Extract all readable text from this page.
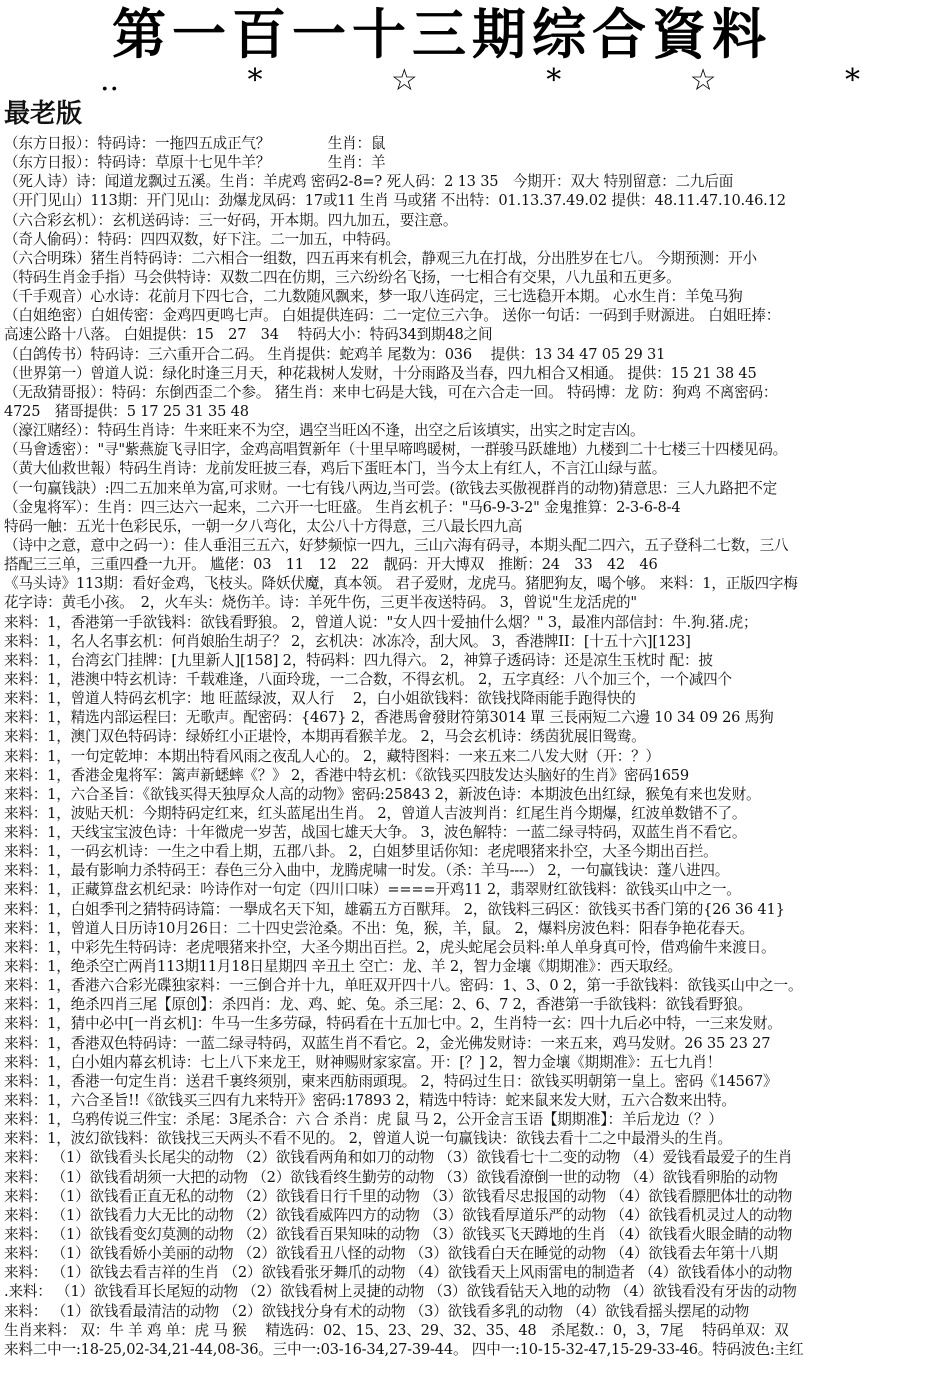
第一百一十三期综合資料
..	*	☆	*	☆	*
最老版
（东方日报）：特码诗：一拖四五成正气？　　　　生肖：鼠
（东方日报）：特码诗：草原十七见牛羊？　　　　生肖：羊
（死人诗）诗：闻道龙飘过五溪。生肖：羊虎鸡 密码2-8=? 死人码：2 13 35　今期开：双大 特别留意：二九后面
（开门见山）113期：开门见山：劲爆龙凤码：17或11 生肖 马或猪 不出特：01.13.37.49.02 提供：48.11.47.10.46.12
（六合彩玄机）：玄机送码诗：三一好码，开本期。四九加五，要注意。
（奇人偷码）：特码：四四双数，好下注。二一加五，中特码。
（六合明珠）猪生肖特码诗：二六相合一组数，四五再来有机会，静观三九在打战，分出胜岁在七八。 今期预测：开小
（特码生肖金手指）马会供特诗：双数二四在仿期，三六纷纷名飞扬，一七相合有交果，八九虽和五更多。
（千手观音）心水诗：花前月下四七合，二九数随风飘来，梦一取八连码定，三七选稳开本期。 心水生肖：羊兔马狗
（白姐绝密）白姐传密：金鸡四更鸣七声。 白姐提供连码：二一定位三六争。 送你一句话：一码到手财源进。 白姐旺捧：
高速公路十八落。 白姐提供：15　27　34　 特码大小：特码34到期48之间
（白鸽传书）特码诗：三六重开合二码。 生肖提供：蛇鸡羊 尾数为：036　 提供：13 34 47 05 29 31
（世界第一）曾道人说：绿化时逢三月天，种花栽树人发财，十分雨路及当春，四九相合又相通。 提供：15 21 38 45
（无敌猜哥报）：特码：东倒西歪二个参。 猪生肖：来申七码是大钱，可在六合走一回。 特码博：龙 防：狗鸡 不离密码：
4725　猪哥提供：5 17 25 31 35 48
（濠江赌经）：特码生肖诗：牛来旺来不为空，遇空当旺凶不逢，出空之后该填实，出实之时定吉凶。
（马會透密）："寻"紫燕旋飞寻旧字，金鸡高唱賀新年（十里早啼鸣暖树，一群骏马跃雄地）九楼到二十七楼三十四楼见码。
（黄大仙救世報）特码生肖诗：龙前发旺披三春，鸡后下蛋旺本门，当今太上有红人，不言江山绿与蓝。
（一句赢钱訣）:四二五加来单为富,可求财。一七有钱八两边,当可尝。(欲钱去买傲视群肖的动物)猜意思：三人九路把不定
（金鬼将军）：生肖：四三达六一起来，二六开一七旺盛。 生肖玄机子："马6-9-3-2" 金鬼推算：2-3-6-8-4
特码一触：五光十色彩民乐，一朝一夕八弯化，太公八十方得意，三八最长四九高
（诗中之意，意中之码一）：佳人垂泪三五六，好梦频惊一四九，三山六海有码寻，本期头配二四六，五子登科二七数，三八
搭配三三单，三重四叠一九开。 尴佬：03　11　12　22　靓码：开大博双　推断：24　33　42　46
《马头诗》113期：看好金鸡，飞枝头。降妖伏魔，真本领。 君子爱财，龙虎马。猪肥狗友，喝个够。 来料：1，正版四字梅
花字诗：黄毛小孩。　2，火车头：烧伤羊。诗：羊死牛伤，三更半夜送特码。 3，曾说"生龙活虎的"
来料：1，香港第一手欲钱料：欲钱看野狼。 2，曾道人说："女人四十爱抽什么烟？" 3，最准内部信封：牛.狗.猪.虎；
来料：1，名人名事玄机：何肖娘胎生胡子？ 2，玄机决：冰冻冷，刮大风。 3，香港牌II：[十五十六][123]
来料：1，台湾玄门挂牌：[九里新人][158] 2，特码料：四九得六。 2，神算子透码诗：还是凉生玉枕时 配：披
来料：1，港澳中特玄机诗：千载难逢，八面玲珑，一二合数，不得玄机。 2，五字真经：八个加三个，一个减四个
来料：1，曾道人特码玄机字：地 旺蓝绿波，双人行 　2，白小姐欲钱料：欲钱找降雨能手跑得快的
来料：1，精选内部运程曰：无歌声。配密码：{467} 2，香港馬會發財符第3014 單 三長兩短二六邊 10 34 09 26 馬狗
来料：1，澳门双色特码诗：绿娇红小正堪怜，本期再看猴羊龙。 2，马会玄机诗：绣茵犹展旧鸳鸯。
来料：1，一句定乾坤：本期出特看风雨之夜乱人心的。 2，藏特图料：一来五来二八发大财（开：？）
来料：1，香港金鬼将军：篱声新蟋蟀《？》 2，香港中特玄机：《欲钱买四肢发达头脑好的生肖》密码1659
来料：1，六合圣旨：《欲钱买得天独厚众人高的动物》密码:25843 2，新波色诗：本期波色出红绿，猴兔有来也发财。
来料：1，波贴天机：今期特码定红来，红头蓝尾出生肖。 2，曾道人吉波判肖：红尾生肖今期爆，红波单数错不了。
来料：1，天线宝宝波色诗：十年微虎一岁苦，战国七雄天大争。 3，波色解特：一蓝二绿寻特码，双蓝生肖不看它。
来料：1，一码玄机诗：一生之中看上期，五郡八卦。 2，白姐梦里话你知：老虎喂猪来扑空，大圣今期出百拦。
来料：1，最有影响力杀特码王：春色三分入曲中，龙腾虎啸一时发。（杀：羊马----） 2，一句赢钱诀：蓬八进四。
来料：1，正藏算盘玄机纪录：吟诗作对一句定（四川口味）====开鸡11 2，翡翠财红欲钱料：欲钱买山中之一。
来料：1，白姐季刊之猜特码诗篇：一擧成名天下知，雄霸五方百獸拜。 2，欲钱料三码区：欲钱买书香门第的{26 36 41}
来料：1，曾道人日历诗10月26日：二十四史尝沧桑。不出：兔，猴，羊，鼠。 2，爆料房波色料：阳春争艳花春天。
来料：1，中彩先生特码诗：老虎喂猪来扑空，大圣今期出百拦。2，虎头蛇尾会员料:单人单身真可怜，借鸡偷牛来渡日。
来料：1，绝杀空亡两肖113期11月18日星期四 辛丑土 空亡：龙、羊 2，智力金壤《期期准》：西天取经。
来料：1，香港六合彩光碟独家料：一三倒合并十九，单旺双开四十八。密码：1、3、0 2，第一手欲钱料：欲钱买山中之一。
来料：1，绝杀四肖三尾【原创】：杀四肖：龙、鸡、蛇、兔。杀三尾：2、6、7 2，香港第一手欲钱料：欲钱看野狼。
来料：1，猜中必中[一肖玄机]：牛马一生多劳碌，特码看在十五加七中。2，生肖特一玄：四十九后必中特，一三来发财。
来料：1，香港双色特码诗：一蓝二绿寻特码，双蓝生肖不看它。2，金光佛发财诗：一来五来，鸡马发财。26 35 23 27
来料：1，白小姐内幕玄机诗：七上八下来龙王，财神赐财家家富。开：[？] 2，智力金壤《期期准》：五七九肖！
来料：1，香港一句定生肖：送君千裏终须别，柬来西舫雨頭現。 2，特码过生日：欲钱买明朝第一皇上。密码《14567》
来料：1，六合圣旨!!《欲钱买三四有九来特开》密码:17893 2，精选中特诗：蛇来鼠来发大财，五六合数来出特。
来料：1，乌鸦传说三件宝：杀尾：3尾杀合：六 合 杀肖：虎 鼠 马 2，公开金言玉语【期期准】：羊后龙边（？）
来料：1，波幻欲钱料：欲钱找三天两头不看不见的。 2，曾道人说一句赢钱诀：欲钱去看十二之中最滑头的生肖。
来料： （1）欲钱看头长尾尖的动物 （2）欲钱看两角和如刀的动物 （3）欲钱看七十二变的动物 （4）爱钱看最爱子的生肖
来料： （1）欲钱看胡须一大把的动物 （2）欲钱看终生勤劳的动物 （3）欲钱看潦倒一世的动物 （4）欲钱看卵胎的动物
来料： （1）欲钱看正直无私的动物 （2）欲钱看日行千里的动物 （3）欲钱看尽忠报国的动物 （4）欲钱看膘肥体壮的动物
来料： （1）欲钱看力大无比的动物 （2）欲钱看威阵四方的动物 （3）欲钱看厚道乐严的动物 （4）欲钱看机灵过人的动物
来料： （1）欲钱看变幻莫测的动物 （2）欲钱看百果知味的动物 （3）欲钱买飞天蹲地的生肖 （4）欲钱看火眼金睛的动物
来料： （1）欲钱看娇小美丽的动物 （2）欲钱看丑八怪的动物 （3）欲钱看白天在睡觉的动物 （4）欲钱看去年第十八期
来料： （1）欲钱去看吉祥的生肖 （2）欲钱看张牙舞爪的动物 （4）欲钱看天上风雨雷电的制造者 （4）欲钱看体小的动物
.来料： （1）欲钱看耳长尾短的动物 （2）欲钱看树上灵捷的动物 （3）欲钱看钻天入地的动物 （4）欲钱看没有牙齿的动物
来料： （1）欲钱看最清洁的动物 （2）欲钱找分身有术的动物 （3）欲钱看多乳的动物 （4）欲钱看摇头摆尾的动物
生肖来料： 双：牛 羊 鸡 单：虎 马 猴　 精选码：02、15、23、29、32、35、48　杀尾数.：0，3，7尾　 特码单双：双
来料二中一:18-25,02-34,21-44,08-36。三中一:03-16-34,27-39-44。 四中一:10-15-32-47,15-29-33-46。特码波色:主红
